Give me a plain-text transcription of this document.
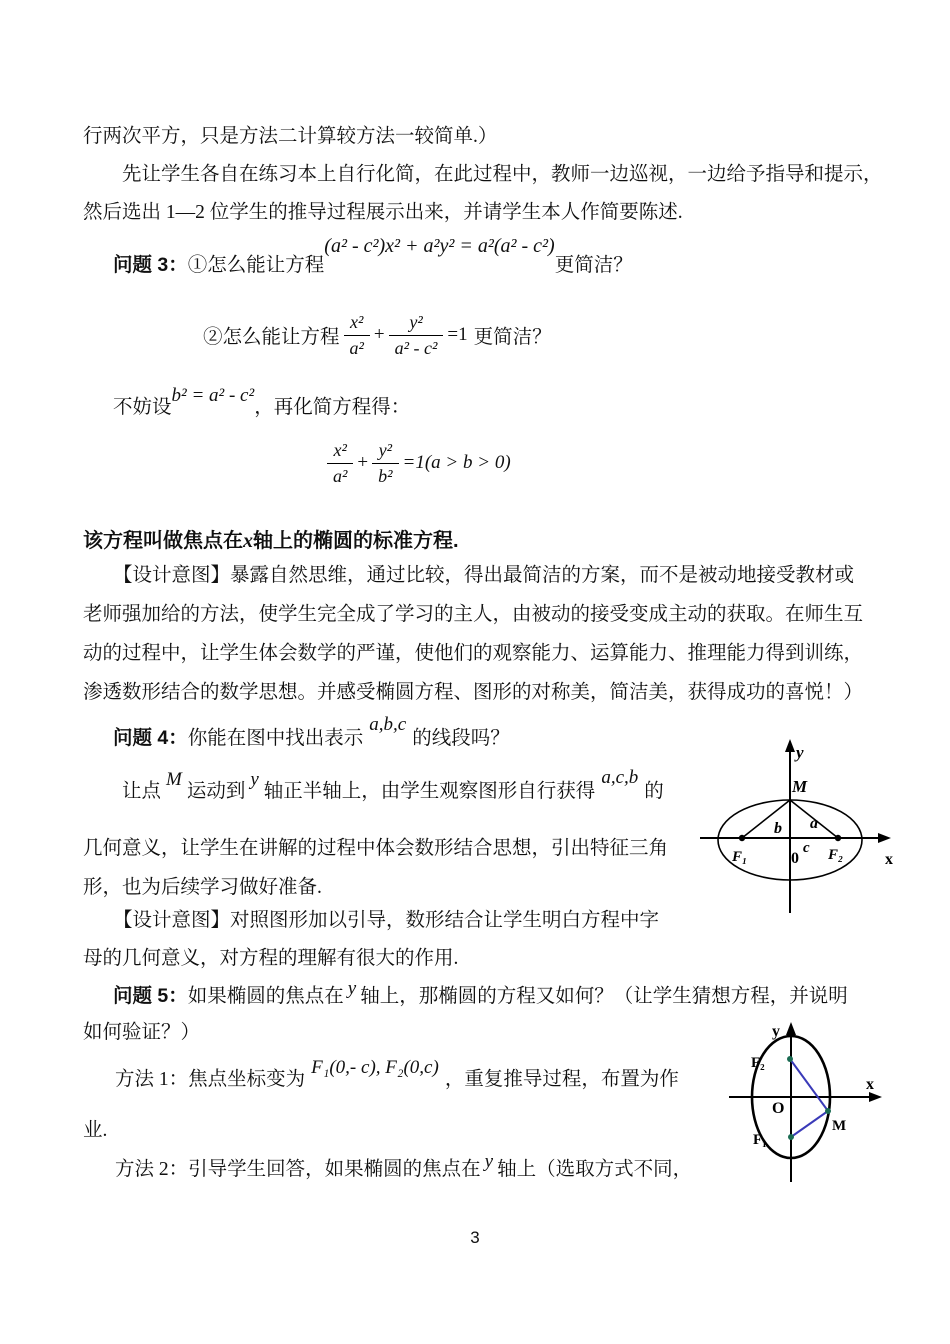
行两次平方，只是方法二计算较方法一较简单.）
先让学生各自在练习本上自行化简，在此过程中，教师一边巡视，一边给予指导和提示，
然后选出 1—2 位学生的推导过程展示出来，并请学生本人作简要陈述.
问题 3：①怎么能让方程(a² - c²)x² + a²y² = a²(a² - c²)更简洁？
②怎么能让方程 $\frac{\text{x²}}{\text{a²}} + \frac{\text{y²}}{\text{a² - c²}} =1$ 更简洁？
不妨设b² = a² - c²，再化简方程得：
$\frac{\text{x²}}{\text{a²}} + \frac{\text{y²}}{\text{b²}} =1(a > b > 0)$
该方程叫做焦点在x轴上的椭圆的标准方程.
【设计意图】暴露自然思维，通过比较，得出最简洁的方案，而不是被动地接受教材或
老师强加给的方法，使学生完全成了学习的主人，由被动的接受变成主动的获取。在师生互
动的过程中，让学生体会数学的严谨，使他们的观察能力、运算能力、推理能力得到训练，
渗透数形结合的数学思想。并感受椭圆方程、图形的对称美，简洁美，获得成功的喜悦！）
问题 4：你能在图中找出表示a,b,c的线段吗？
让点M运动到y轴正半轴上，由学生观察图形自行获得a,c,b的
几何意义，让学生在讲解的过程中体会数形结合思想，引出特征三角
形，也为后续学习做好准备.
【设计意图】对照图形加以引导，数形结合让学生明白方程中字
母的几何意义，对方程的理解有很大的作用.
问题 5：如果椭圆的焦点在 y 轴上，那椭圆的方程又如何？（让学生猜想方程，并说明
如何验证？）
方法 1：焦点坐标变为F₁(0,- c), F₂(0,c)，重复推导过程，布置为作
业.
方法 2：引导学生回答，如果椭圆的焦点在 y 轴上（选取方式不同，
y
M
b a
0
c
F₁	F₂	x
y
x
O
F₂
F₁
M
3
